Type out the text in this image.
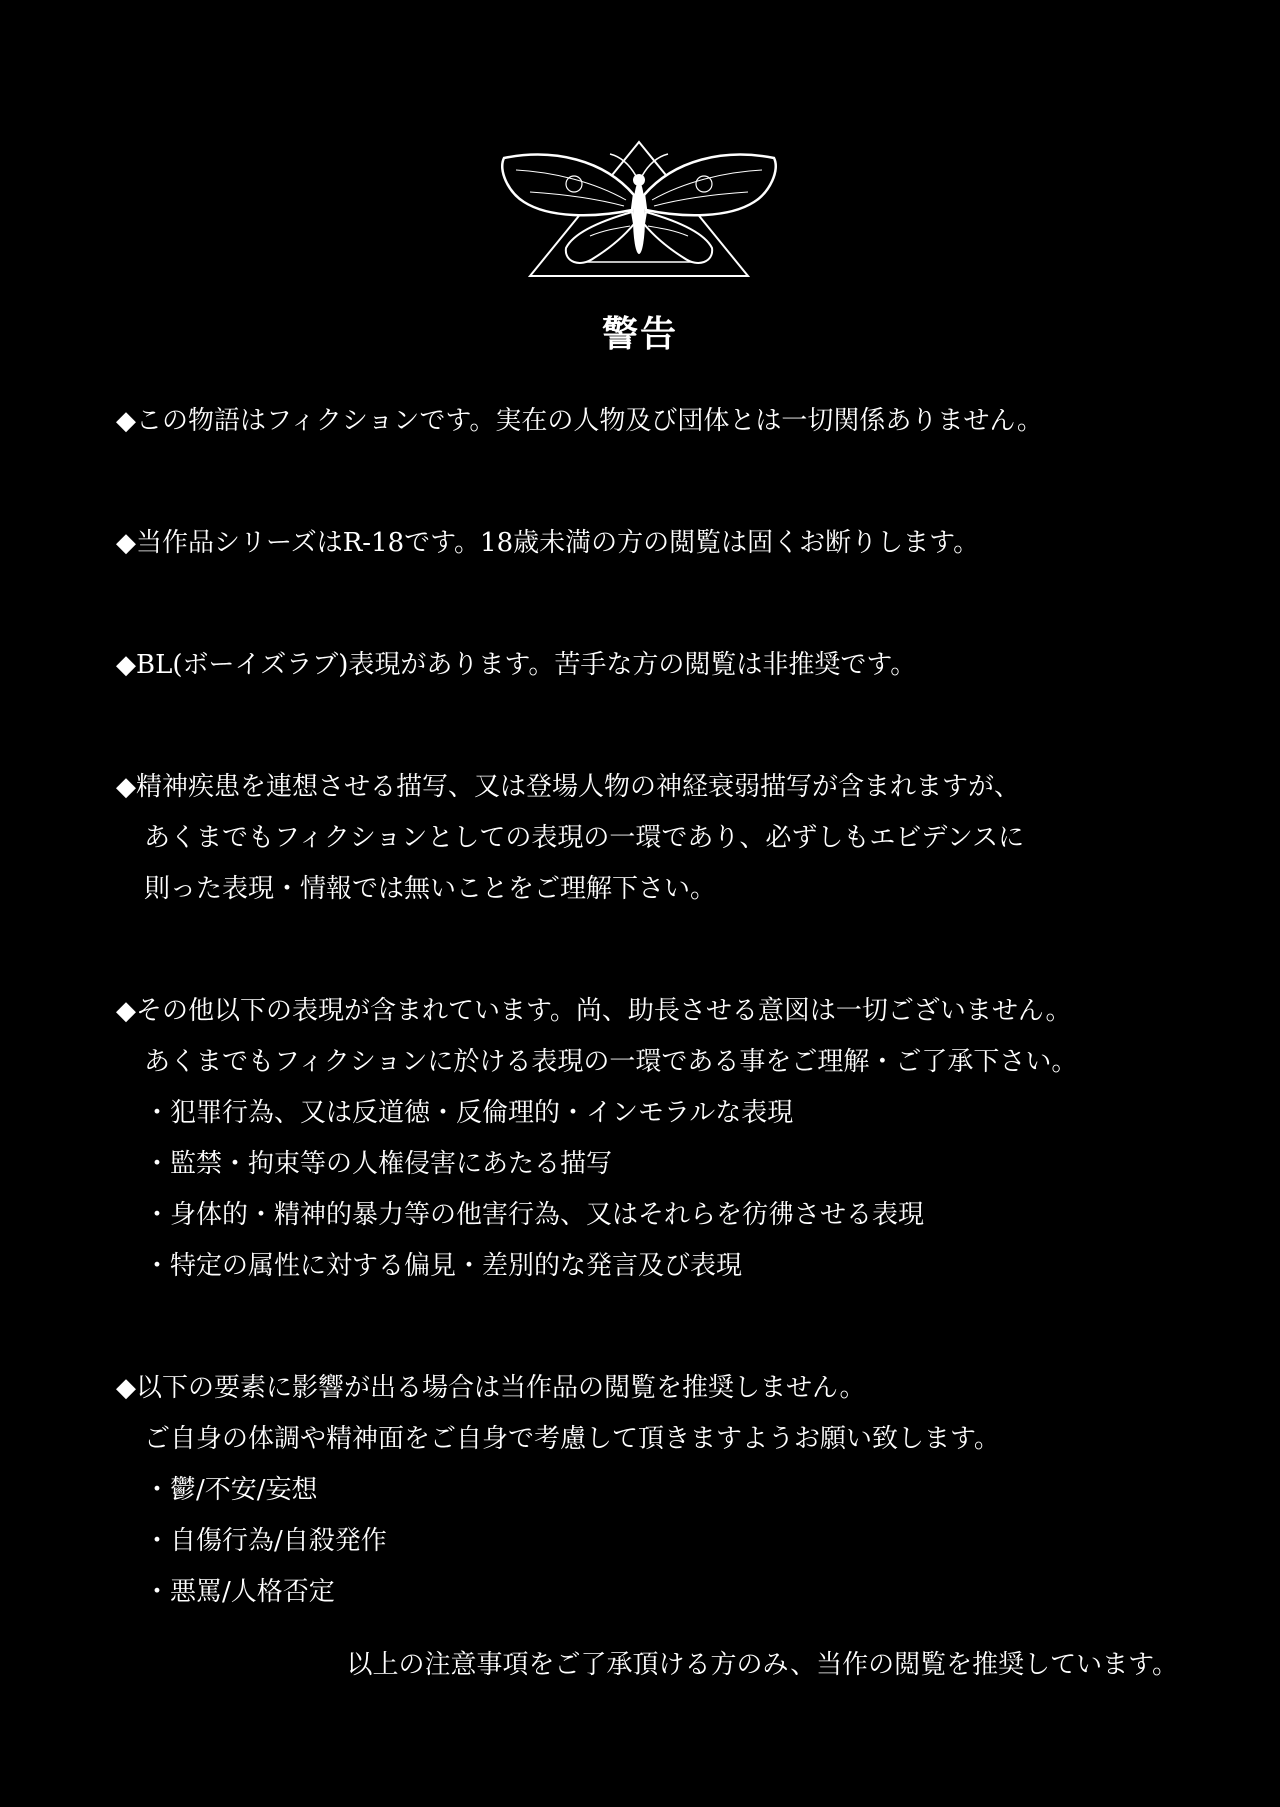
警告
◆この物語はフィクションです。実在の人物及び団体とは一切関係ありません。
◆当作品シリーズはR-18です。18歳未満の方の閲覧は固くお断りします。
◆BL(ボーイズラブ)表現があります。苦手な方の閲覧は非推奨です。
◆精神疾患を連想させる描写、又は登場人物の神経衰弱描写が含まれますが、
あくまでもフィクションとしての表現の一環であり、必ずしもエビデンスに
則った表現・情報では無いことをご理解下さい。
◆その他以下の表現が含まれています。尚、助長させる意図は一切ございません。
あくまでもフィクションに於ける表現の一環である事をご理解・ご了承下さい。
・犯罪行為、又は反道徳・反倫理的・インモラルな表現
・監禁・拘束等の人権侵害にあたる描写
・身体的・精神的暴力等の他害行為、又はそれらを彷彿させる表現
・特定の属性に対する偏見・差別的な発言及び表現
◆以下の要素に影響が出る場合は当作品の閲覧を推奨しません。
ご自身の体調や精神面をご自身で考慮して頂きますようお願い致します。
・鬱/不安/妄想
・自傷行為/自殺発作
・悪罵/人格否定
以上の注意事項をご了承頂ける方のみ、当作の閲覧を推奨しています。
